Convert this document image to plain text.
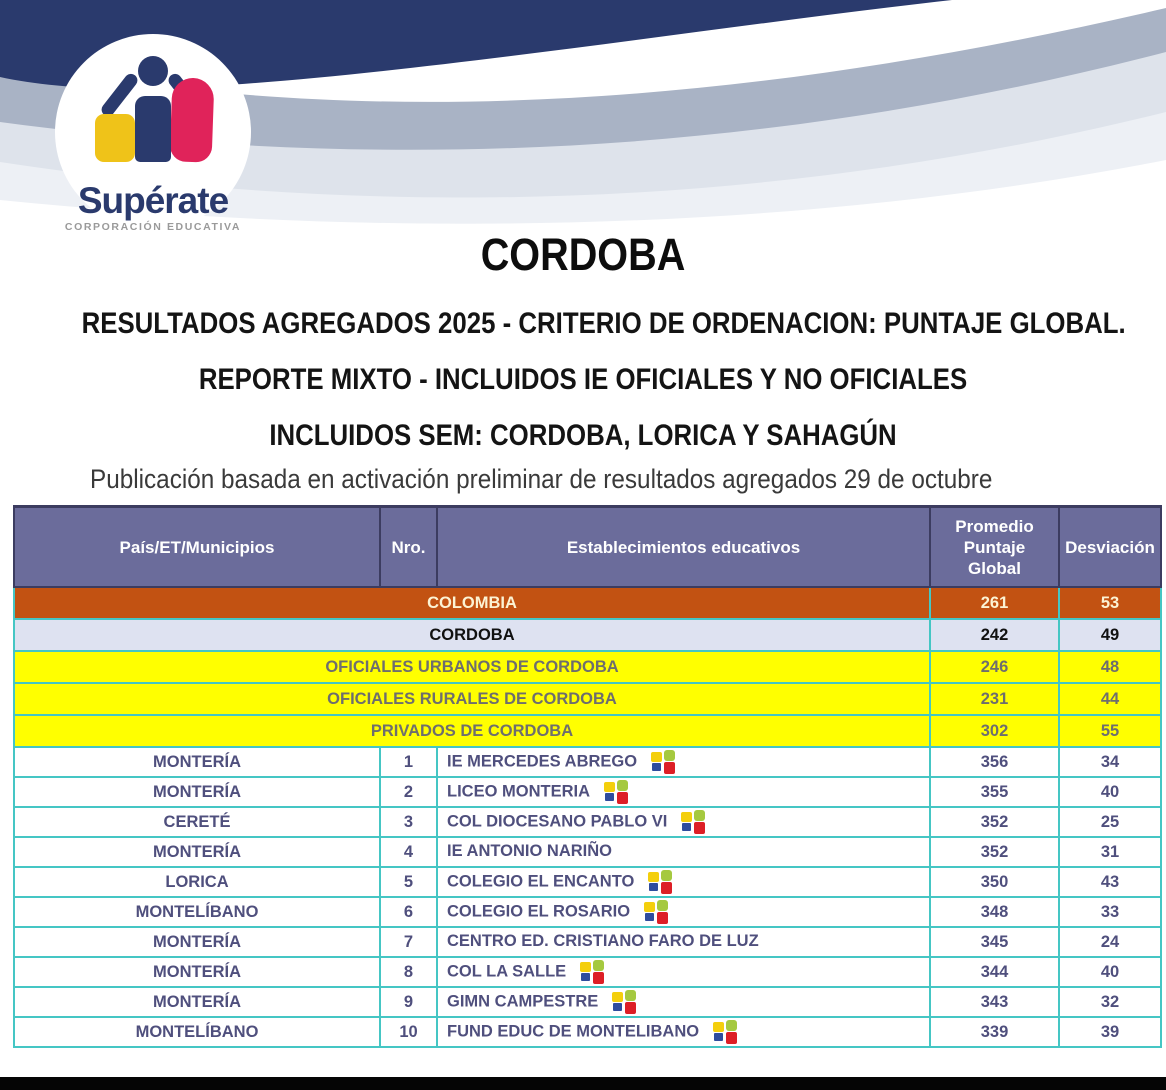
Supérate
CORPORACIÓN EDUCATIVA
CORDOBA
RESULTADOS AGREGADOS 2025 - CRITERIO DE ORDENACION: PUNTAJE GLOBAL.
REPORTE MIXTO - INCLUIDOS IE OFICIALES Y NO OFICIALES
INCLUIDOS SEM: CORDOBA, LORICA Y SAHAGÚN
Publicación basada en activación preliminar de resultados agregados 29 de octubre
País/ET/Municipios	Nro.	Establecimientos educativos	Promedio Puntaje Global	Desviación
COLOMBIA			261	53
CORDOBA			242	49
OFICIALES URBANOS DE CORDOBA			246	48
OFICIALES RURALES DE CORDOBA			231	44
PRIVADOS DE CORDOBA			302	55
MONTERÍA	1	IE MERCEDES ABREGO	356	34
MONTERÍA	2	LICEO MONTERIA	355	40
CERETÉ	3	COL DIOCESANO PABLO VI	352	25
MONTERÍA	4	IE ANTONIO NARIÑO	352	31
LORICA	5	COLEGIO EL ENCANTO	350	43
MONTELÍBANO	6	COLEGIO EL ROSARIO	348	33
MONTERÍA	7	CENTRO ED. CRISTIANO FARO DE LUZ	345	24
MONTERÍA	8	COL LA SALLE	344	40
MONTERÍA	9	GIMN CAMPESTRE	343	32
MONTELÍBANO	10	FUND EDUC DE MONTELIBANO	339	39
